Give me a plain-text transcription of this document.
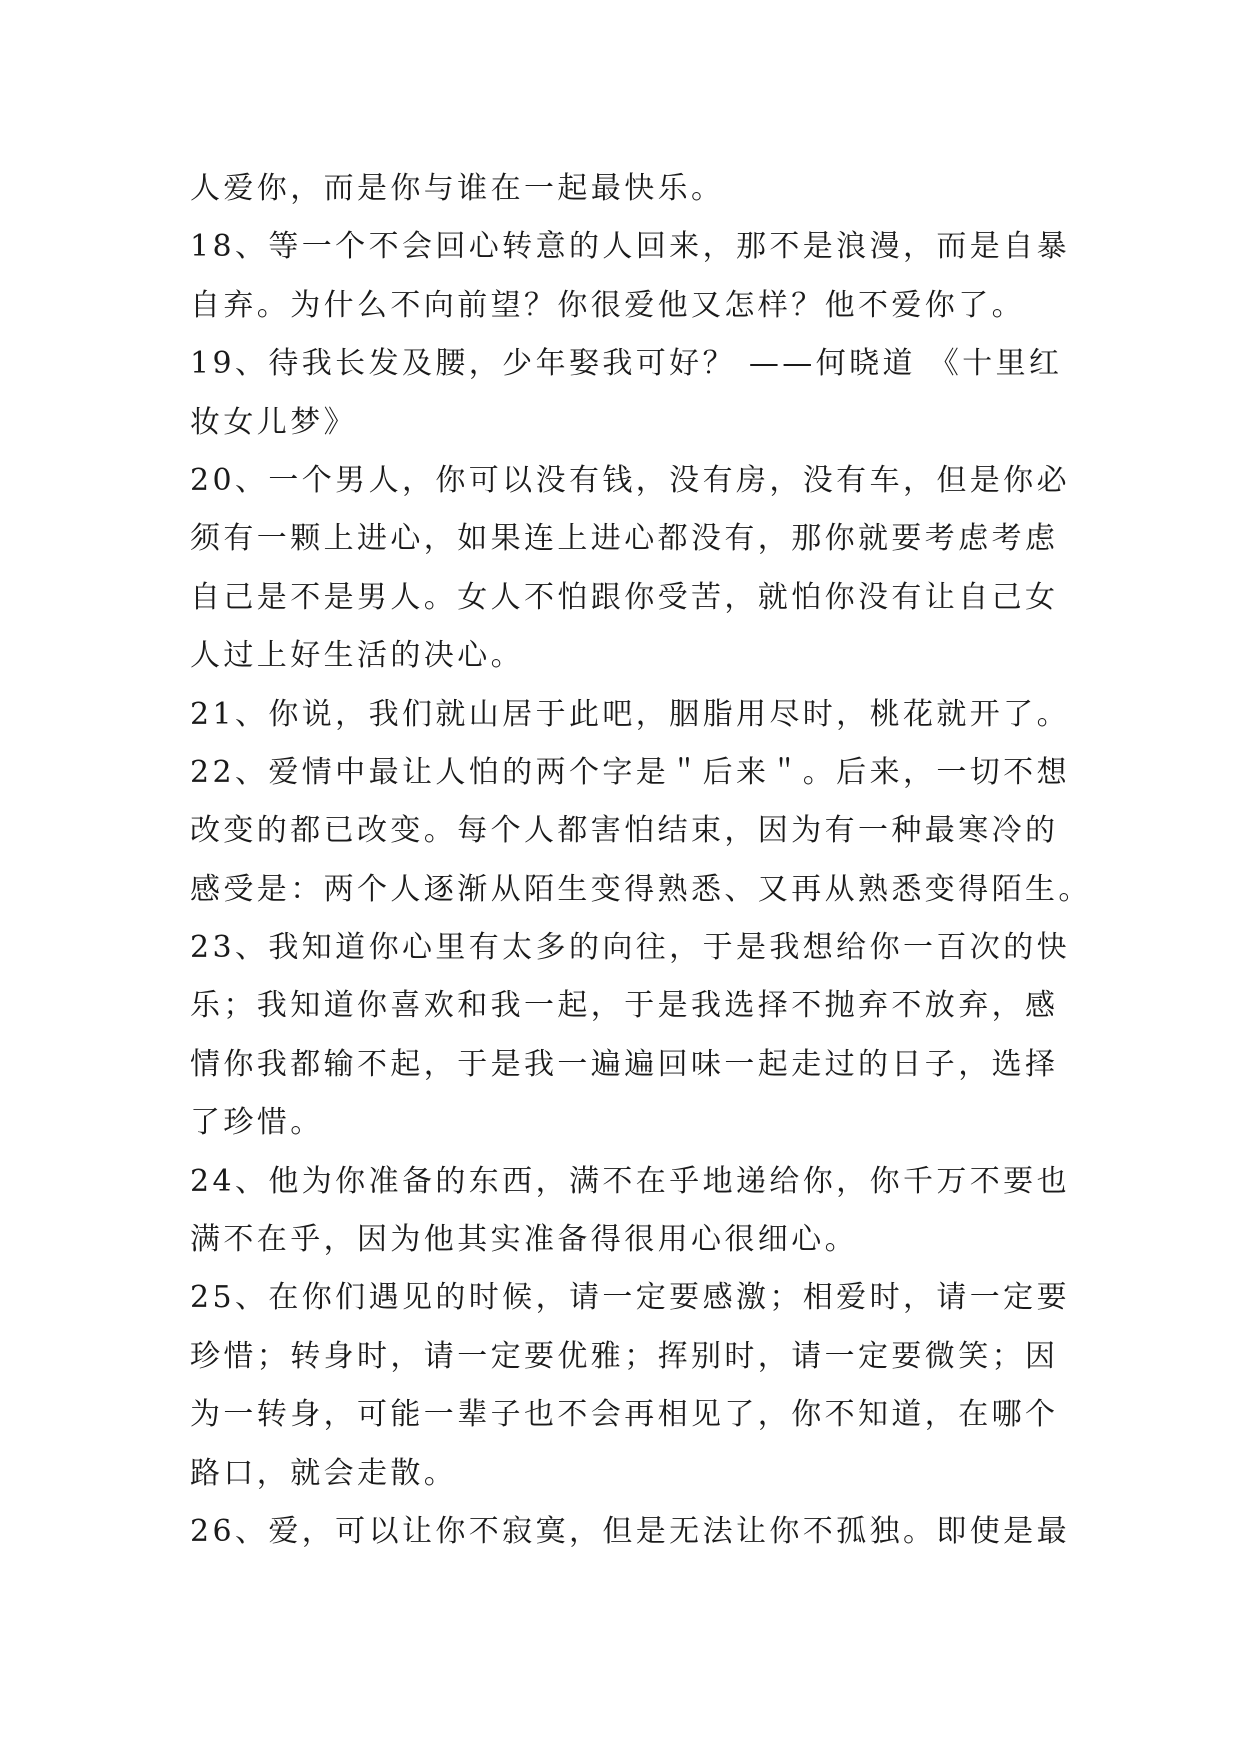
人爱你，而是你与谁在一起最快乐。

18、等一个不会回心转意的人回来，那不是浪漫，而是自暴

自弃。为什么不向前望？你很爱他又怎样？他不爱你了。

19、待我长发及腰，少年娶我可好？ ——何晓道 《十里红

妆女儿梦》

20、一个男人，你可以没有钱，没有房，没有车，但是你必

须有一颗上进心，如果连上进心都没有，那你就要考虑考虑

自己是不是男人。女人不怕跟你受苦，就怕你没有让自己女

人过上好生活的决心。

21、你说，我们就山居于此吧，胭脂用尽时，桃花就开了。

22、爱情中最让人怕的两个字是＂后来＂。后来，一切不想

改变的都已改变。每个人都害怕结束，因为有一种最寒冷的

感受是：两个人逐渐从陌生变得熟悉、又再从熟悉变得陌生。

23、我知道你心里有太多的向往，于是我想给你一百次的快

乐；我知道你喜欢和我一起，于是我选择不抛弃不放弃，感

情你我都输不起，于是我一遍遍回味一起走过的日子，选择

了珍惜。

24、他为你准备的东西，满不在乎地递给你，你千万不要也

满不在乎，因为他其实准备得很用心很细心。

25、在你们遇见的时候，请一定要感激；相爱时，请一定要

珍惜；转身时，请一定要优雅；挥别时，请一定要微笑；因

为一转身，可能一辈子也不会再相见了，你不知道，在哪个

路口，就会走散。

26、爱，可以让你不寂寞，但是无法让你不孤独。即使是最
